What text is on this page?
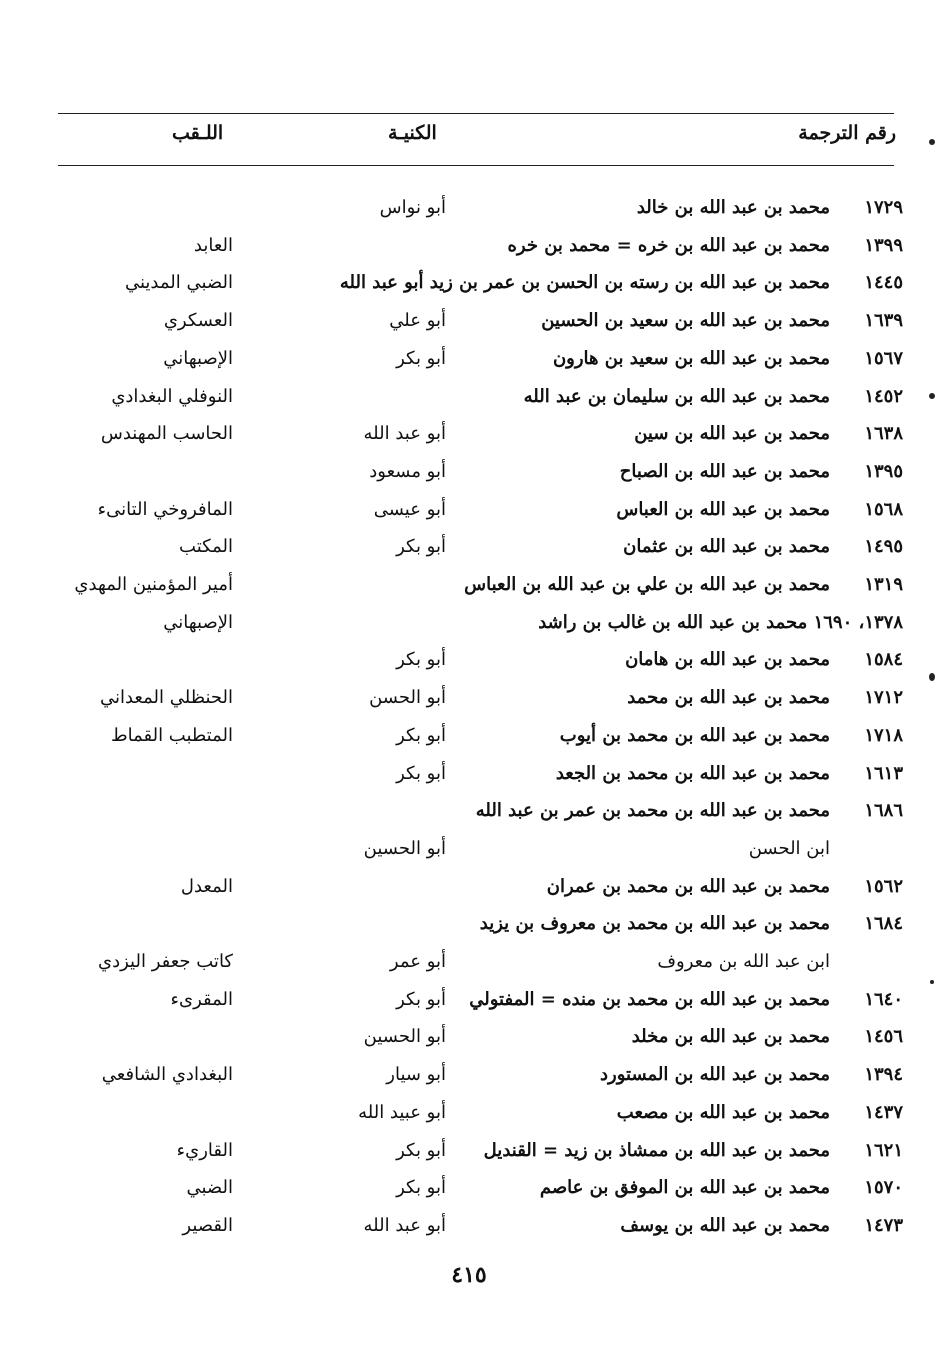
رقم الترجمة
الكنيـة
اللـقب
١٧٢٩
محمد بن عبد الله بن خالد
أبو نواس
١٣٩٩
محمد بن عبد الله بن خره = محمد بن خره
العابد
١٤٤٥
محمد بن عبد الله بن رسته بن الحسن بن عمر بن زيد أبو عبد الله
الضبي المديني
١٦٣٩
محمد بن عبد الله بن سعيد بن الحسين
أبو علي
العسكري
١٥٦٧
محمد بن عبد الله بن سعيد بن هارون
أبو بكر
الإصبهاني
١٤٥٢
محمد بن عبد الله بن سليمان بن عبد الله
النوفلي البغدادي
١٦٣٨
محمد بن عبد الله بن سين
أبو عبد الله
الحاسب المهندس
١٣٩٥
محمد بن عبد الله بن الصباح
أبو مسعود
١٥٦٨
محمد بن عبد الله بن العباس
أبو عيسى
المافروخي التانىء
١٤٩٥
محمد بن عبد الله بن عثمان
أبو بكر
المكتب
١٣١٩
محمد بن عبد الله بن علي بن عبد الله بن العباس
أمير المؤمنين المهدي
١٣٧٨، ١٦٩٠ محمد بن عبد الله بن غالب بن راشد
الإصبهاني
١٥٨٤
محمد بن عبد الله بن هامان
أبو بكر
١٧١٢
محمد بن عبد الله بن محمد
أبو الحسن
الحنظلي المعداني
١٧١٨
محمد بن عبد الله بن محمد بن أيوب
أبو بكر
المتطبب القماط
١٦١٣
محمد بن عبد الله بن محمد بن الجعد
أبو بكر
١٦٨٦
محمد بن عبد الله بن محمد بن عمر بن عبد الله
ابن الحسن
أبو الحسين
١٥٦٢
محمد بن عبد الله بن محمد بن عمران
المعدل
١٦٨٤
محمد بن عبد الله بن محمد بن معروف بن يزيد
ابن عبد الله بن معروف
أبو عمر
كاتب جعفر اليزدي
١٦٤٠
محمد بن عبد الله بن محمد بن منده = المفتولي
أبو بكر
المقرىء
١٤٥٦
محمد بن عبد الله بن مخلد
أبو الحسين
١٣٩٤
محمد بن عبد الله بن المستورد
أبو سيار
البغدادي الشافعي
١٤٣٧
محمد بن عبد الله بن مصعب
أبو عبيد الله
١٦٢١
محمد بن عبد الله بن ممشاذ بن زيد = القنديل
أبو بكر
القاريء
١٥٧٠
محمد بن عبد الله بن الموفق بن عاصم
أبو بكر
الضبي
١٤٧٣
محمد بن عبد الله بن يوسف
أبو عبد الله
القصير
٤١٥
